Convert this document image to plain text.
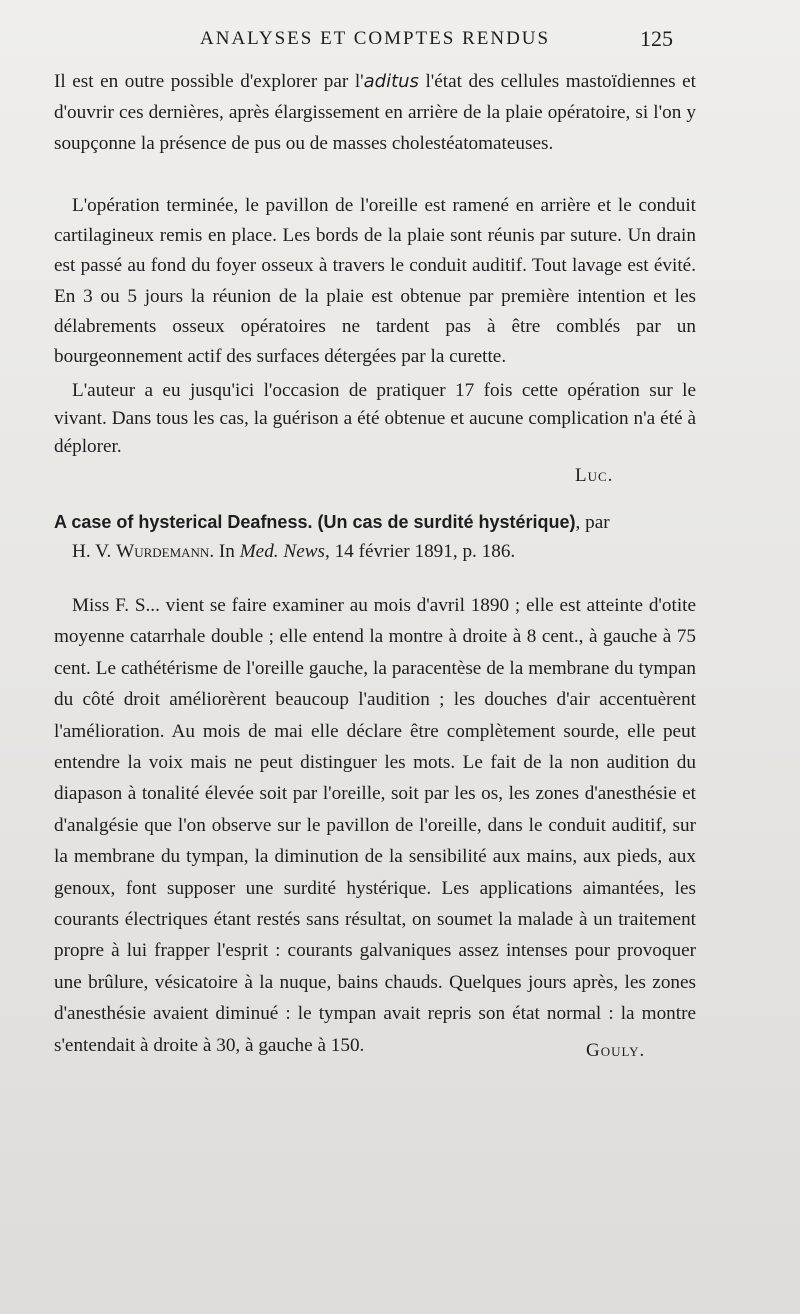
ANALYSES ET COMPTES RENDUS	125

Il est en outre possible d'explorer par l'aditus l'état des cellules mastoïdiennes et d'ouvrir ces dernières, après élargissement en arrière de la plaie opératoire, si l'on y soupçonne la présence de pus ou de masses cholestéatomateuses.

L'opération terminée, le pavillon de l'oreille est ramené en arrière et le conduit cartilagineux remis en place. Les bords de la plaie sont réunis par suture. Un drain est passé au fond du foyer osseux à travers le conduit auditif. Tout lavage est évité. En 3 ou 5 jours la réunion de la plaie est obtenue par première intention et les délabrements osseux opératoires ne tardent pas à être comblés par un bourgeonnement actif des surfaces détergées par la curette.

L'auteur a eu jusqu'ici l'occasion de pratiquer 17 fois cette opération sur le vivant. Dans tous les cas, la guérison a été obtenue et aucune complication n'a été à déplorer.

Luc.
A case of hysterical Deafness. (Un cas de surdité hystérique), par
H. V. Wurdemann. In Med. News, 14 février 1891, p. 186.

Miss F. S... vient se faire examiner au mois d'avril 1890 ; elle est atteinte d'otite moyenne catarrhale double ; elle entend la montre à droite à 8 cent., à gauche à 75 cent. Le cathétérisme de l'oreille gauche, la paracentèse de la membrane du tympan du côté droit améliorèrent beaucoup l'audition ; les douches d'air accentuèrent l'amélioration. Au mois de mai elle déclare être complètement sourde, elle peut entendre la voix mais ne peut distinguer les mots. Le fait de la non audition du diapason à tonalité élevée soit par l'oreille, soit par les os, les zones d'anesthésie et d'analgésie que l'on observe sur le pavillon de l'oreille, dans le conduit auditif, sur la membrane du tympan, la diminution de la sensibilité aux mains, aux pieds, aux genoux, font supposer une surdité hystérique. Les applications aimantées, les courants électriques étant restés sans résultat, on soumet la malade à un traitement propre à lui frapper l'esprit : courants galvaniques assez intenses pour provoquer une brûlure, vésicatoire à la nuque, bains chauds. Quelques jours après, les zones d'anesthésie avaient diminué : le tympan avait repris son état normal : la montre s'entendait à droite à 30, à gauche à 150.	Gouly.
